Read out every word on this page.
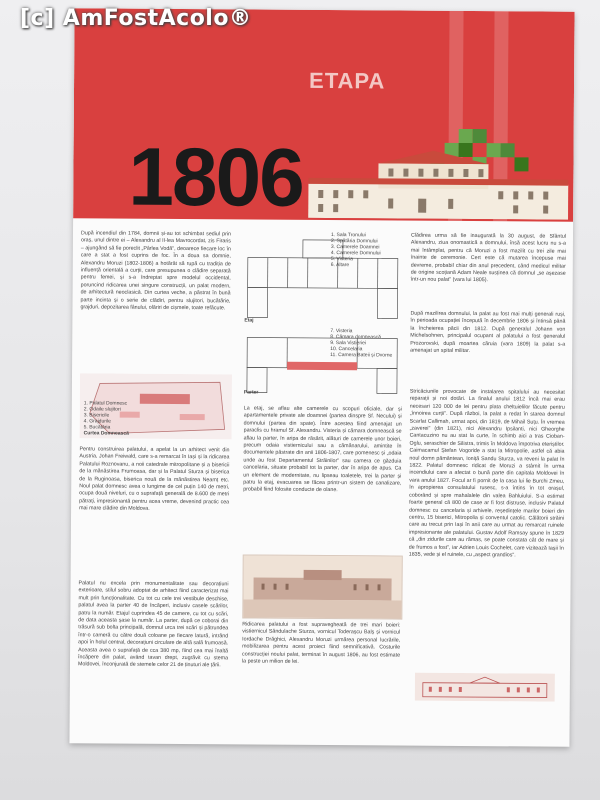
[c] AmFostAcolo®
ETAPA
1806
După incendiul din 1784, domnii și-au tot schimbat sediul prin oraș, unul dintre ei – Alexandru al II-lea Mavrocordat, zis Firaris – ajungând să fie poreclit „Pârlea Vodă", deoarece fiecare loc în care a stat a fost cuprins de foc. În a doua sa domnie, Alexandru Moruzi (1802-1806) a hotărât să rupă cu tradiția de influență orientală a curții, care presupunea o clădire separată pentru femei, și s-a îndreptat spre modelul occidental, poruncind ridicarea unei singure construcții, un palat modern, de arhitectură neoclasică. Din curtea veche, a păstrat în bună parte incinta și o serie de clădiri, pentru slujitori, bucătărie, grajduri, depozitarea fânului, olăriri de cișmele, toate refăcute.
1. Palatul Domnesc
2. Odaile slujitori
3. Bisericile
4. Grajdurile
5. Bucătăria
Curtea Domnească
Pentru construirea palatului, a apelat la un arhitect venit din Austria, Johan Freiwald, care s-a remarcat în Iași și la ridicarea Palatului Roznovanu, a noii catedrale mitropolitane și a bisericii de la mănăstirea Frumoasa, dar și la Palatul Sturza și biserica de la Ruginoasa, biserica nouă de la mănăstirea Neamț etc. Noul palat domnesc avea o lungime de cel puțin 140 de metri, ocupa două niveluri, cu o suprafață generală de 8.600 de metri pătrați, impresionantă pentru acea vreme, devenind practic cea mai mare clădire din Moldova.
Palatul nu excela prin monumentalitate sau decorațiuni exterioare, stilul sobru adoptat de arhitect fiind caracterizat mai mult prin funcționalitate. Cu tot cu cele trei vestibule deschise, palatul avea la parter 40 de încăperi, inclusiv casele scărilor, patru la număr. Etajul cuprindea 45 de camere, cu tot cu scări, de data aceasta șase la număr. La parter, după ce coborai din trăsură sub bolta principală, domnul urca trei scări și pătrundea într-o cameră cu către două coloane pe fiecare latură, intrând apoi în holul central, decorațiuni circulare de altă sală frumoasă. Aceasta avea o suprafață de cca 380 mp, fiind cea mai înaltă încăpere din palat, având tavan drept, zugrăvit cu stema Moldovei, înconjurată de stemele celor 21 de ținuturi ale țării.
1. Sala Tronului
2. Spătăria Domnului
3. Camerele Doamnei
4. Camerele Domnului
5. Visteria
6. Altare
Etaj
7. Visteria
8. Cămara domnească
9. Sala Vistieriei
10. Cancelaria
11. Camera Bateii și Dvorne
Parter
La etaj, se aflau alte camerele cu scopuri oficiale, dar și apartamentele private ale doamnei (partea dinspre Sf. Necului) și domnului (partea din spate). Între acestea fiind amenajat un paraclis cu hramul Sf. Alexandru. Visteria și cămara domnească se aflau la parter, în aripa de răsărit, alături de camerele unor boieri, precum odaia vistiernicului sau a cămănarului, amintite în documentele păstrate din anii 1806-1807, care pomenesc și „odaia unde au fost Departamentul Străinilor" sau camera ce găzduia cancelaria, situate probabil tot la parter, dar în aripa de apus. Ca un element de modernitate, nu lipseau toaletele, trei la parter și patru la etaj, evacuarea se făcea printr-un sistem de canalizare, probabil fiind folosite conducte de olane.
Ridicarea palatului a fost supravegheată de trei mari boieri: vistiernicul Săndulache Sturza, vornicul Toderașcu Balș și vornicul Iordache Drăghici, Alexandru Moruzi urmărea personal lucrările, mobilizarea pentru acest proiect fiind semnificativă. Costurile construcției noului palat, terminat în august 1806, au fost estimate la peste un milion de lei.
Clădirea urma să fie inaugurată la 30 august, de Sfântul Alexandru, ziua onomastică a domnului, însă acest lucru nu s-a mai întâmplat, pentru că Moruzi a fost mazilit cu trei zile mai înainte de ceremonie. Cert este că mutarea începuse mai devreme, probabil chiar din anul precedent, când medicul militar de origine scoțiană Adam Neale susținea că domnul „se așezase într-un nou palat" (vara lui 1805).
După mazilirea domnului, la palat au fost mai mulți generali ruși, în perioada ocupației începută în decembrie 1806 și întinsă până la încheierea păcii din 1812. După generalul Johann von Michelsohnen, principalul ocupant al palatului a fost generalul Prozorovski, după moartea căruia (vara 1809) la palat s-a amenajat un spital militar.
Stricăciunile provocate de instalarea spitalului au necesitat reparații și noi dotări. La finalul anului 1812 încă mai erau necesari 120 000 de lei pentru plata cheltuielilor făcute pentru „înnoirea curții". După război, la palat a redat în starea domnul Scarlat Callimah, urmat apoi, din 1819, de Mihail Suțu. În vremea „zaverei" (din 1821), nici Alexandru Ipsilanti, nici Gheorghe Cantacuzino nu au stat la curte, în schimb aici a tras Cioban-Oglu, seraschier de Silistra, trimis în Moldova împotriva eteriștilor. Caimacamul Ștefan Vogoride a stat la Mitropolie, astfel că abia noul domn pământean, Ioniță Sandu Sturza, va reveni la palat în 1822. Palatul domnesc ridicat de Moruzi a stârnit în urma incendiului care a afectat o bună parte din capitala Moldovei în vara anului 1827. Focul ar fi pornit de la casa lui lie Burchi Zmeu, în apropierea consulatului rusesc, s-a întins în tot orașul, coborând și spre mahalalele din valea Bahluiului. S-a estimat foarte general că 800 de case ar fi fost distruse, inclusiv Palatul domnesc cu cancelaria și arhivele, reședințele marilor boieri din centru, 15 biserici, Mitropolia și conventul catolic. Călătorii străini care au trecut prin Iași în anii care au urmat au remarcat ruinele impresionante ale palatului. Gustav Adolf Ramsay spune în 1829 că „din zidurile care au rămas, se poate constata cât de mare și de frumos a fost", iar Adrien Louis Cochelet, care vizitează Iașii în 1835, vede și el ruinele, cu „aspect grandios".
